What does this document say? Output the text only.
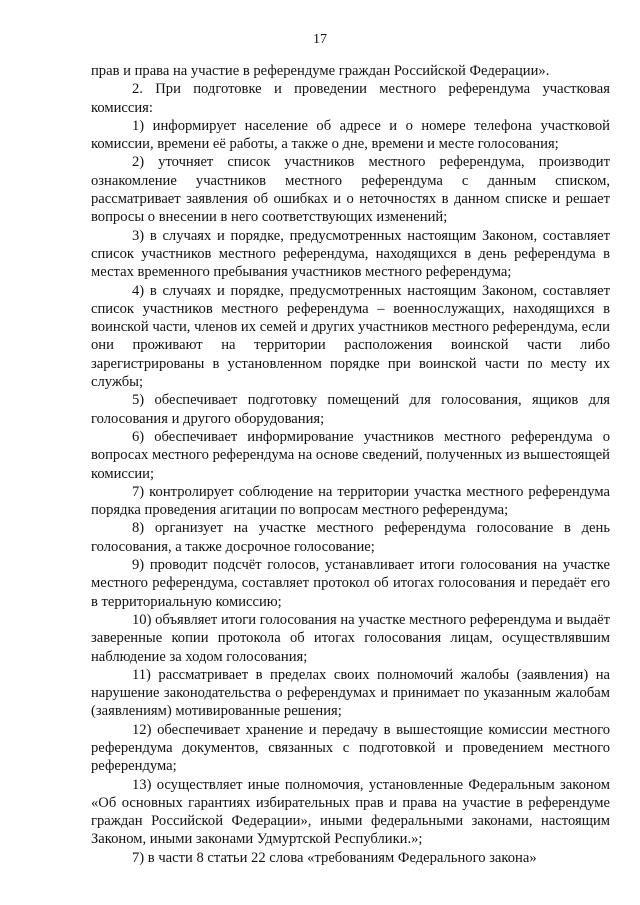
17

прав и права на участие в референдуме граждан Российской Федерации».

2. При подготовке и проведении местного референдума участковая комиссия:

1) информирует население об адресе и о номере телефона участковой комиссии, времени её работы, а также о дне, времени и месте голосования;

2) уточняет список участников местного референдума, производит ознакомление участников местного референдума с данным списком, рассматривает заявления об ошибках и о неточностях в данном списке и решает вопросы о внесении в него соответствующих изменений;

3) в случаях и порядке, предусмотренных настоящим Законом, составляет список участников местного референдума, находящихся в день референдума в местах временного пребывания участников местного референдума;

4) в случаях и порядке, предусмотренных настоящим Законом, составляет список участников местного референдума – военнослужащих, находящихся в воинской части, членов их семей и других участников местного референдума, если они проживают на территории расположения воинской части либо зарегистрированы в установленном порядке при воинской части по месту их службы;

5) обеспечивает подготовку помещений для голосования, ящиков для голосования и другого оборудования;

6) обеспечивает информирование участников местного референдума о вопросах местного референдума на основе сведений, полученных из вышестоящей комиссии;

7) контролирует соблюдение на территории участка местного референдума порядка проведения агитации по вопросам местного референдума;

8) организует на участке местного референдума голосование в день голосования, а также досрочное голосование;

9) проводит подсчёт голосов, устанавливает итоги голосования на участке местного референдума, составляет протокол об итогах голосования и передаёт его в территориальную комиссию;

10) объявляет итоги голосования на участке местного референдума и выдаёт заверенные копии протокола об итогах голосования лицам, осуществлявшим наблюдение за ходом голосования;

11) рассматривает в пределах своих полномочий жалобы (заявления) на нарушение законодательства о референдумах и принимает по указанным жалобам (заявлениям) мотивированные решения;

12) обеспечивает хранение и передачу в вышестоящие комиссии местного референдума документов, связанных с подготовкой и проведением местного референдума;

13) осуществляет иные полномочия, установленные Федеральным законом «Об основных гарантиях избирательных прав и права на участие в референдуме граждан Российской Федерации», иными федеральными законами, настоящим Законом, иными законами Удмуртской Республики.»;

7) в части 8 статьи 22 слова «требованиям Федерального закона»
